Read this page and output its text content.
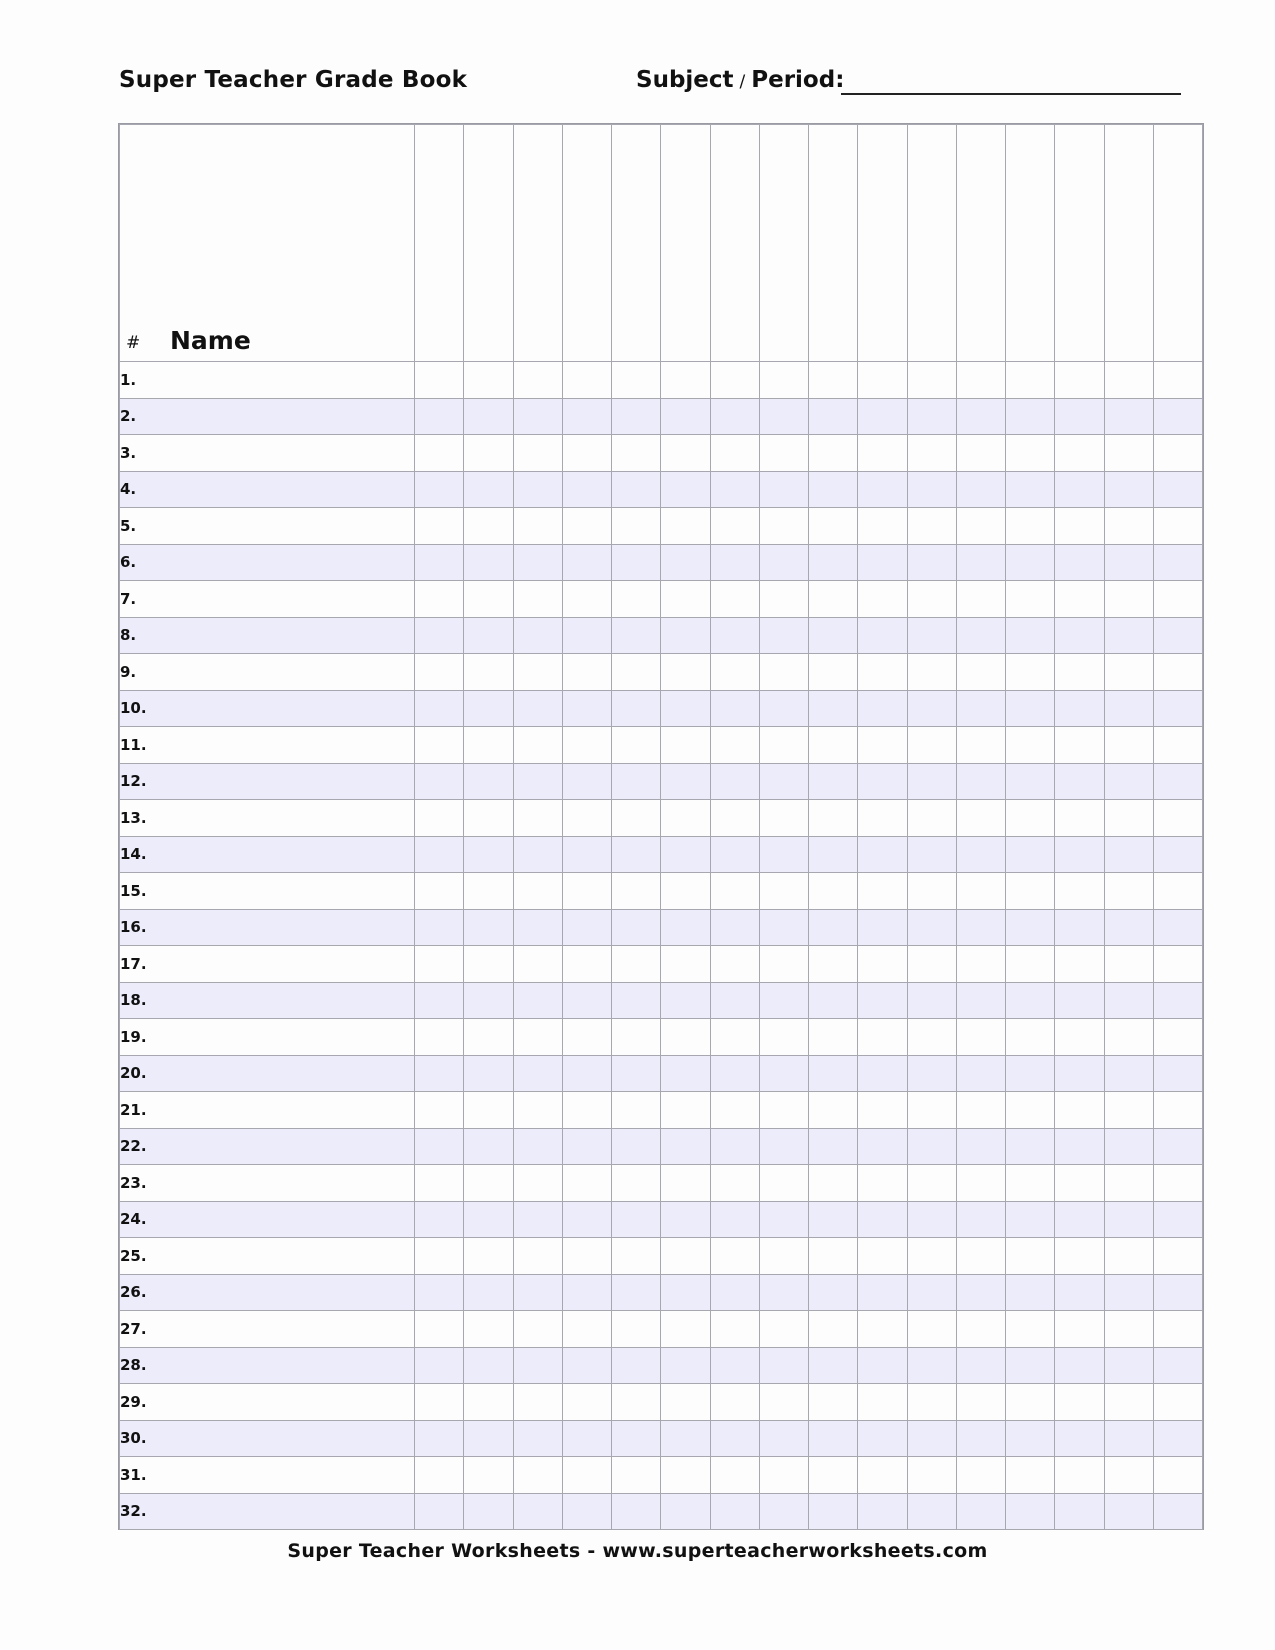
Super Teacher Grade Book	Subject / Period:
# Name																

1.																
2.																
3.																
4.																
5.																
6.																
7.																
8.																
9.																
10.																
11.																
12.																
13.																
14.																
15.																
16.																
17.																
18.																
19.																
20.																
21.																
22.																
23.																
24.																
25.																
26.																
27.																
28.																
29.																
30.																
31.																
32.																
Super Teacher Worksheets - www.superteacherworksheets.com
